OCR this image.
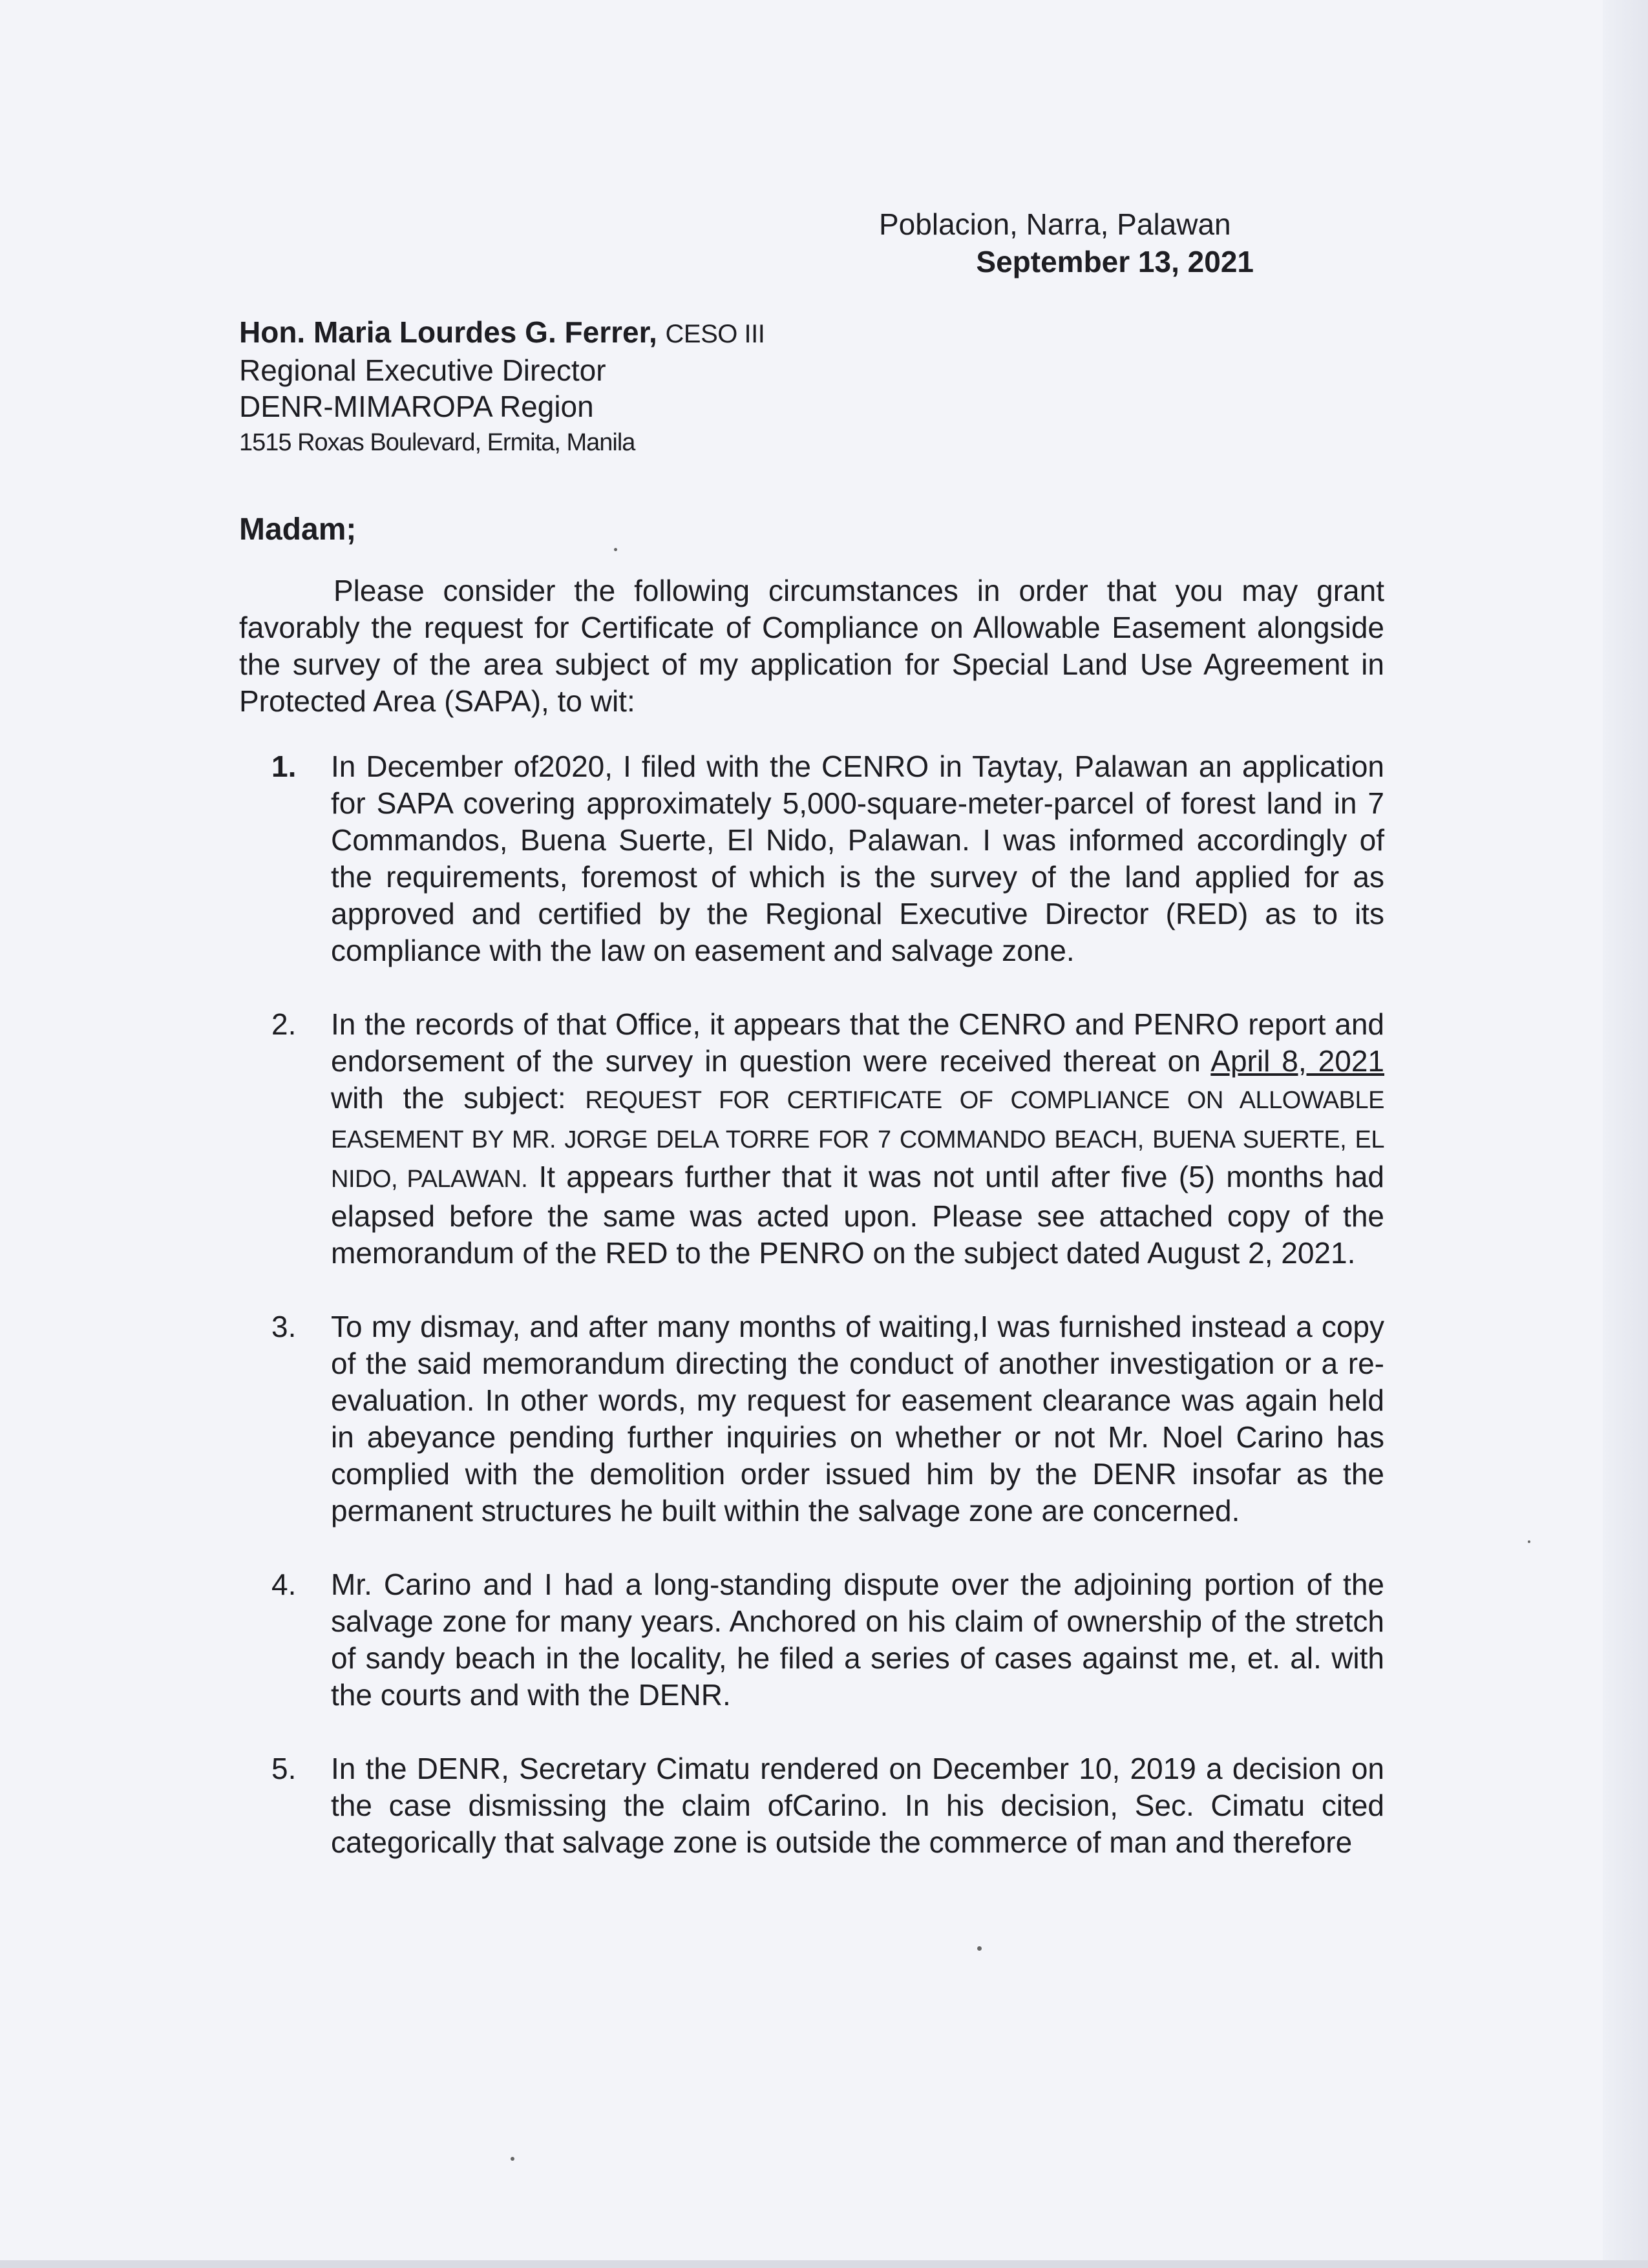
Poblacion, Narra, Palawan
September 13, 2021
Hon. Maria Lourdes G. Ferrer, CESO III
Regional Executive Director
DENR-MIMAROPA Region
1515 Roxas Boulevard, Ermita, Manila
Madam;

Please consider the following circumstances in order that you may grant favorably the request for Certificate of Compliance on Allowable Easement alongside the survey of the area subject of my application for Special Land Use Agreement in Protected Area (SAPA), to wit:

1. In December of2020, I filed with the CENRO in Taytay, Palawan an application for SAPA covering approximately 5,000-square-meter-parcel of forest land in 7 Commandos, Buena Suerte, El Nido, Palawan. I was informed accordingly of the requirements, foremost of which is the survey of the land applied for as approved and certified by the Regional Executive Director (RED) as to its compliance with the law on easement and salvage zone.
2. In the records of that Office, it appears that the CENRO and PENRO report and endorsement of the survey in question were received thereat on April 8, 2021 with the subject: REQUEST FOR CERTIFICATE OF COMPLIANCE ON ALLOWABLE EASEMENT BY MR. JORGE DELA TORRE FOR 7 COMMANDO BEACH, BUENA SUERTE, EL NIDO, PALAWAN. It appears further that it was not until after five (5) months had elapsed before the same was acted upon. Please see attached copy of the memorandum of the RED to the PENRO on the subject dated August 2, 2021.
3. To my dismay, and after many months of waiting,I was furnished instead a copy of the said memorandum directing the conduct of another investigation or a re-evaluation. In other words, my request for easement clearance was again held in abeyance pending further inquiries on whether or not Mr. Noel Carino has complied with the demolition order issued him by the DENR insofar as the permanent structures he built within the salvage zone are concerned.
4. Mr. Carino and I had a long-standing dispute over the adjoining portion of the salvage zone for many years. Anchored on his claim of ownership of the stretch of sandy beach in the locality, he filed a series of cases against me, et. al. with the courts and with the DENR.
5. In the DENR, Secretary Cimatu rendered on December 10, 2019 a decision on the case dismissing the claim ofCarino. In his decision, Sec. Cimatu cited categorically that salvage zone is outside the commerce of man and therefore
